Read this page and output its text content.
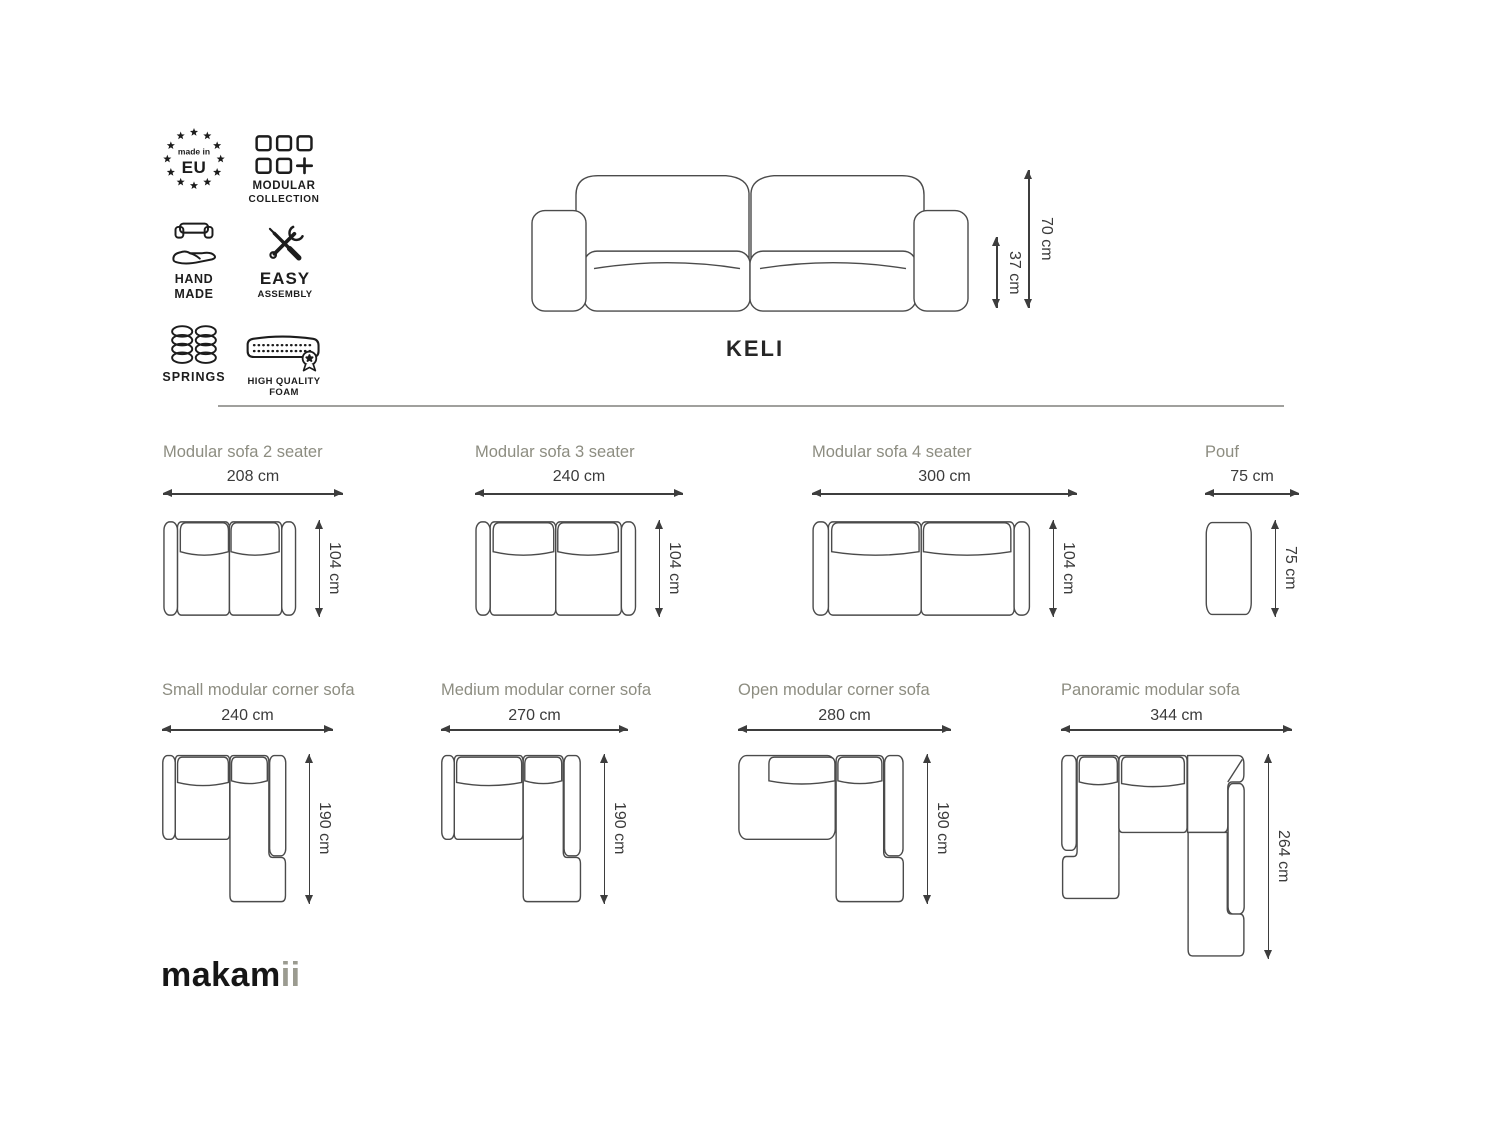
made in
EU
MODULAR
COLLECTION
HAND
MADE
EASY
ASSEMBLY
SPRINGS	HIGH QUALITY
FOAM
70 cm
37 cm
KELI
Modular sofa 2 seater
208 cm
104 cm
Modular sofa 3 seater
240 cm
104 cm
Modular sofa 4 seater
300 cm
104 cm
Pouf
75 cm
75 cm
Small modular corner sofa
240 cm
190 cm
Medium modular corner sofa
270 cm
190 cm
Open modular corner sofa
280 cm
190 cm
Panoramic modular sofa
344 cm
264 cm
makamii
